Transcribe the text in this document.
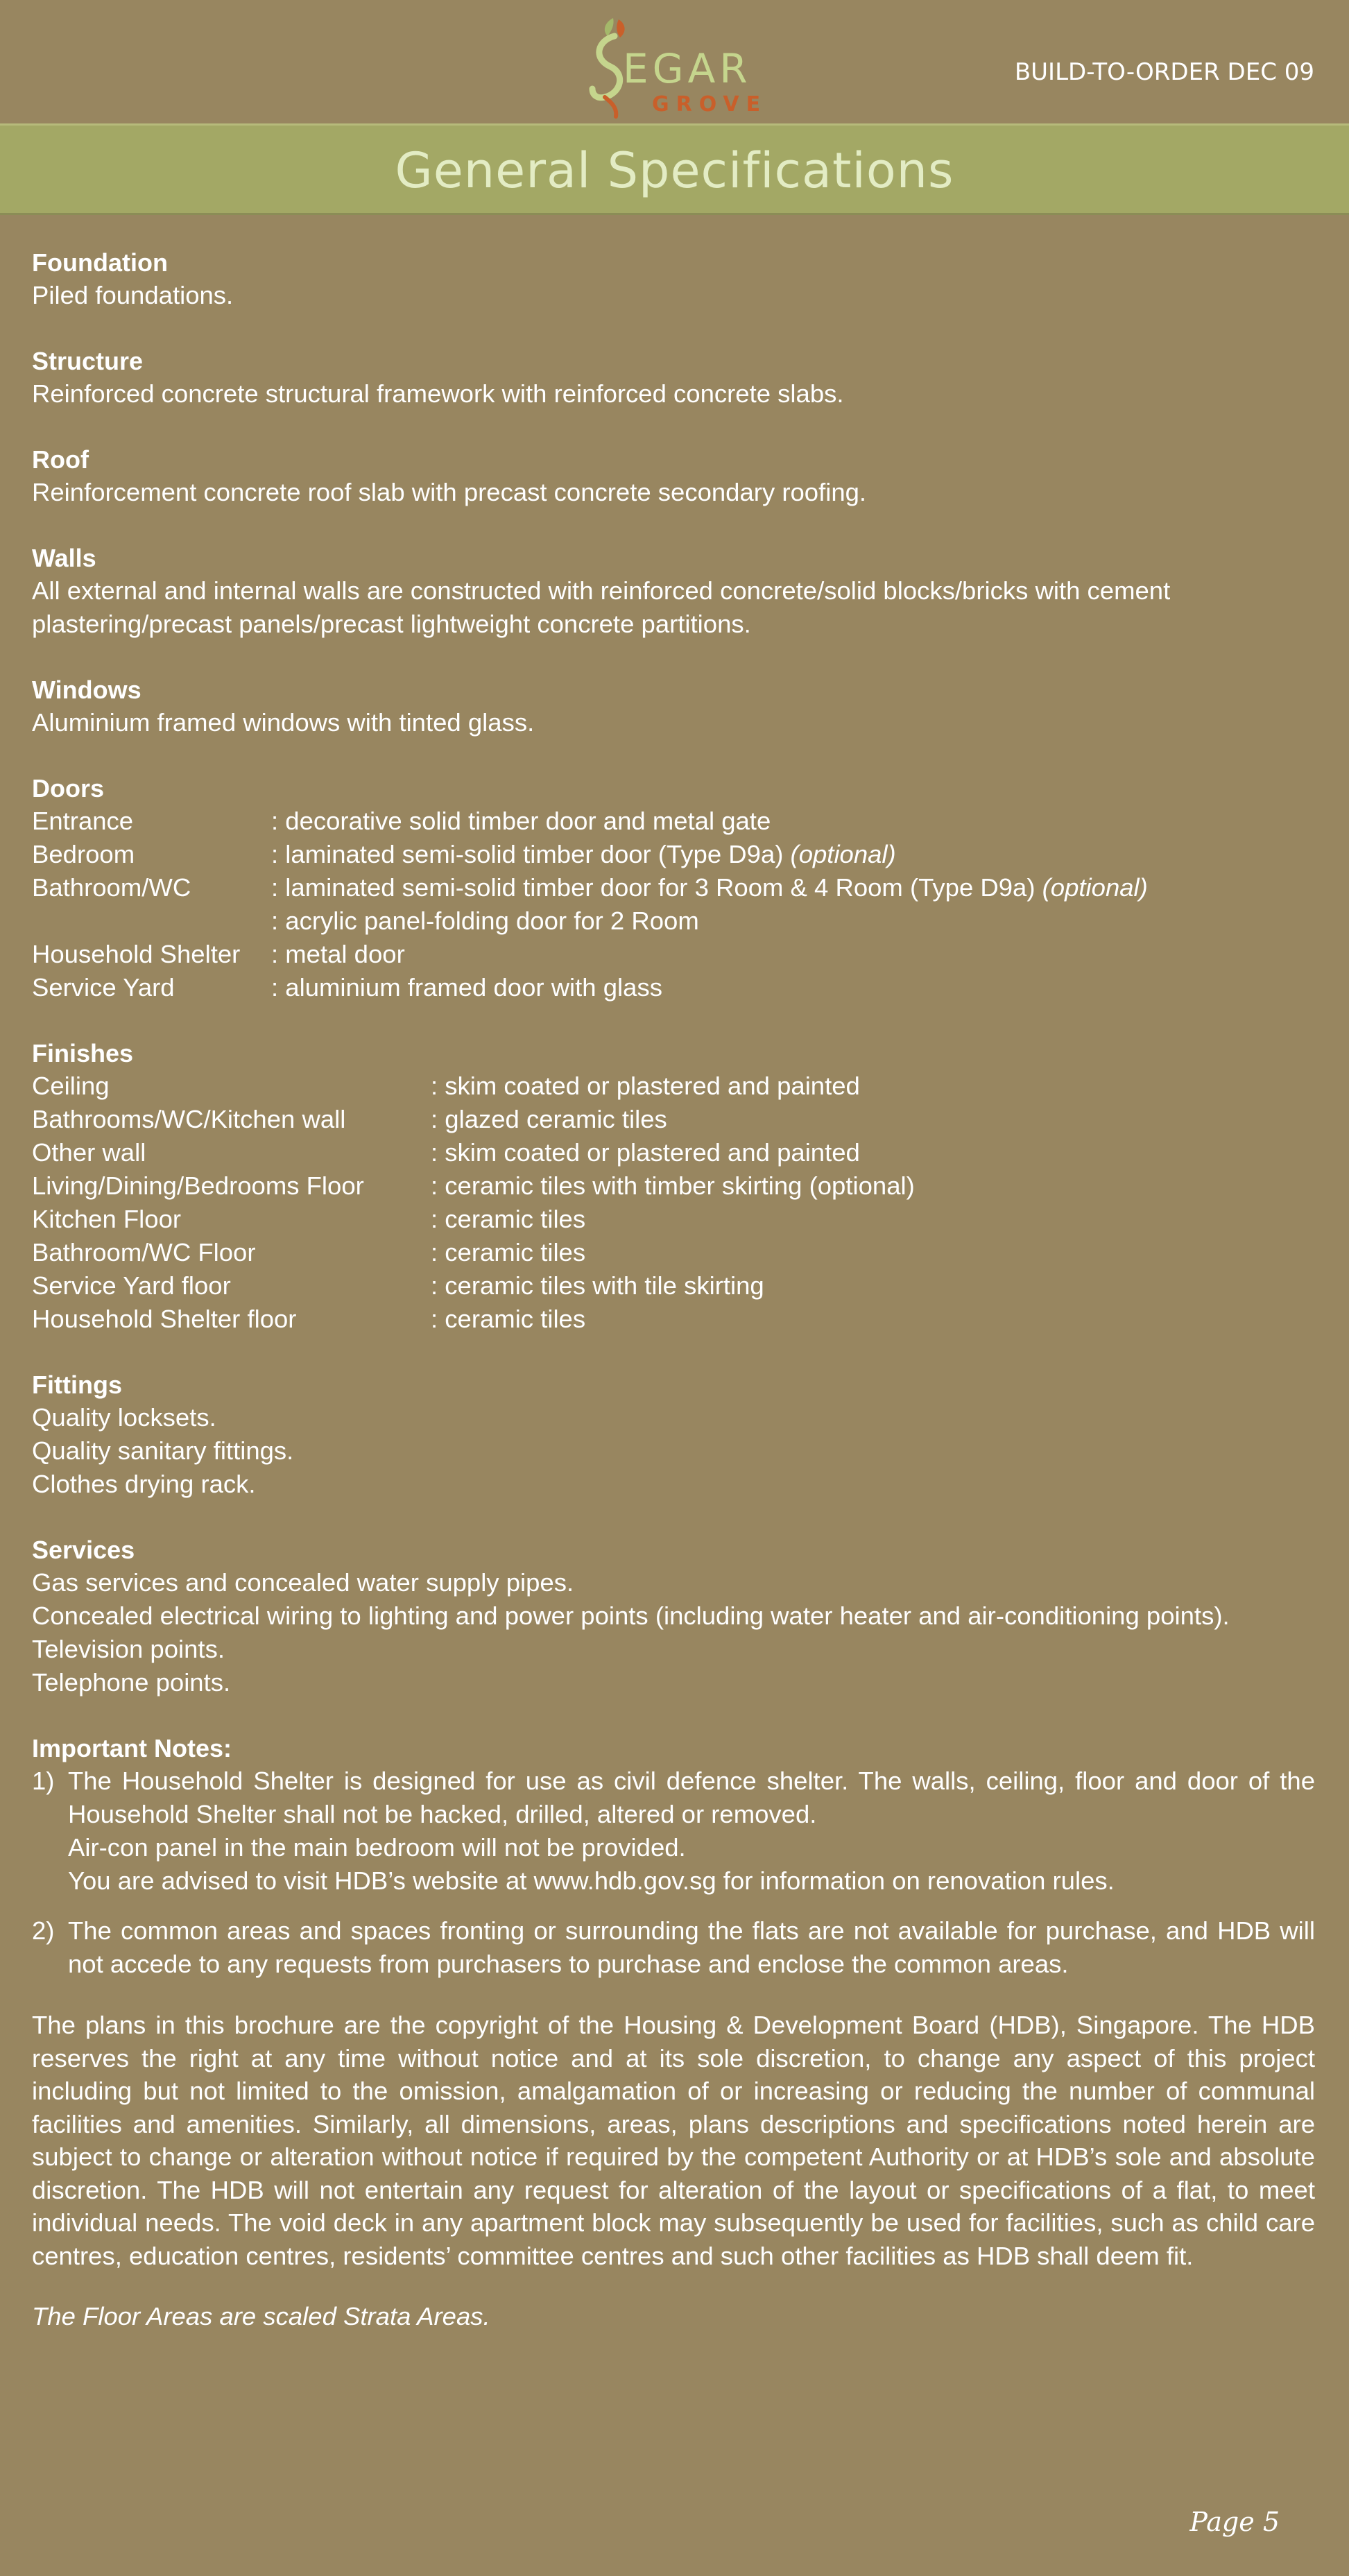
EGAR
GROVE
BUILD-TO-ORDER DEC 09
General Specifications
Foundation

Piled foundations.

Structure

Reinforced concrete structural framework with reinforced concrete slabs.

Roof

Reinforcement concrete roof slab with precast concrete secondary roofing.

Walls

All external and internal walls are constructed with reinforced concrete/solid blocks/bricks with cement plastering/precast panels/precast lightweight concrete partitions.

Windows

Aluminium framed windows with tinted glass.

Doors
Entrance	: decorative solid timber door and metal gate
Bedroom	: laminated semi-solid timber door (Type D9a) (optional)
Bathroom/WC	: laminated semi-solid timber door for 3 Room & 4 Room (Type D9a) (optional)
: acrylic panel-folding door for 2 Room
Household Shelter	: metal door
Service Yard	: aluminium framed door with glass
Finishes
Ceiling	: skim coated or plastered and painted
Bathrooms/WC/Kitchen wall	: glazed ceramic tiles
Other wall	: skim coated or plastered and painted
Living/Dining/Bedrooms Floor	: ceramic tiles with timber skirting (optional)
Kitchen Floor	: ceramic tiles
Bathroom/WC Floor	: ceramic tiles
Service Yard floor	: ceramic tiles with tile skirting
Household Shelter floor	: ceramic tiles
Fittings

Quality locksets.

Quality sanitary fittings.

Clothes drying rack.

Services

Gas services and concealed water supply pipes.

Concealed electrical wiring to lighting and power points (including water heater and air-conditioning points).

Television points.

Telephone points.

Important Notes:
1) The Household Shelter is designed for use as civil defence shelter. The walls, ceiling, floor and door of the Household Shelter shall not be hacked, drilled, altered or removed.
Air-con panel in the main bedroom will not be provided.
You are advised to visit HDB’s website at www.hdb.gov.sg for information on renovation rules.
2) The common areas and spaces fronting or surrounding the flats are not available for purchase, and HDB will not accede to any requests from purchasers to purchase and enclose the common areas.

The plans in this brochure are the copyright of the Housing & Development Board (HDB), Singapore. The HDB reserves the right at any time without notice and at its sole discretion, to change any aspect of this project including but not limited to the omission, amalgamation of or increasing or reducing the number of communal facilities and amenities. Similarly, all dimensions, areas, plans descriptions and specifications noted herein are subject to change or alteration without notice if required by the competent Authority or at HDB’s sole and absolute discretion. The HDB will not entertain any request for alteration of the layout or specifications of a flat, to meet individual needs. The void deck in any apartment block may subsequently be used for facilities, such as child care centres, education centres, residents’ committee centres and such other facilities as HDB shall deem fit.

The Floor Areas are scaled Strata Areas.

Page 5
